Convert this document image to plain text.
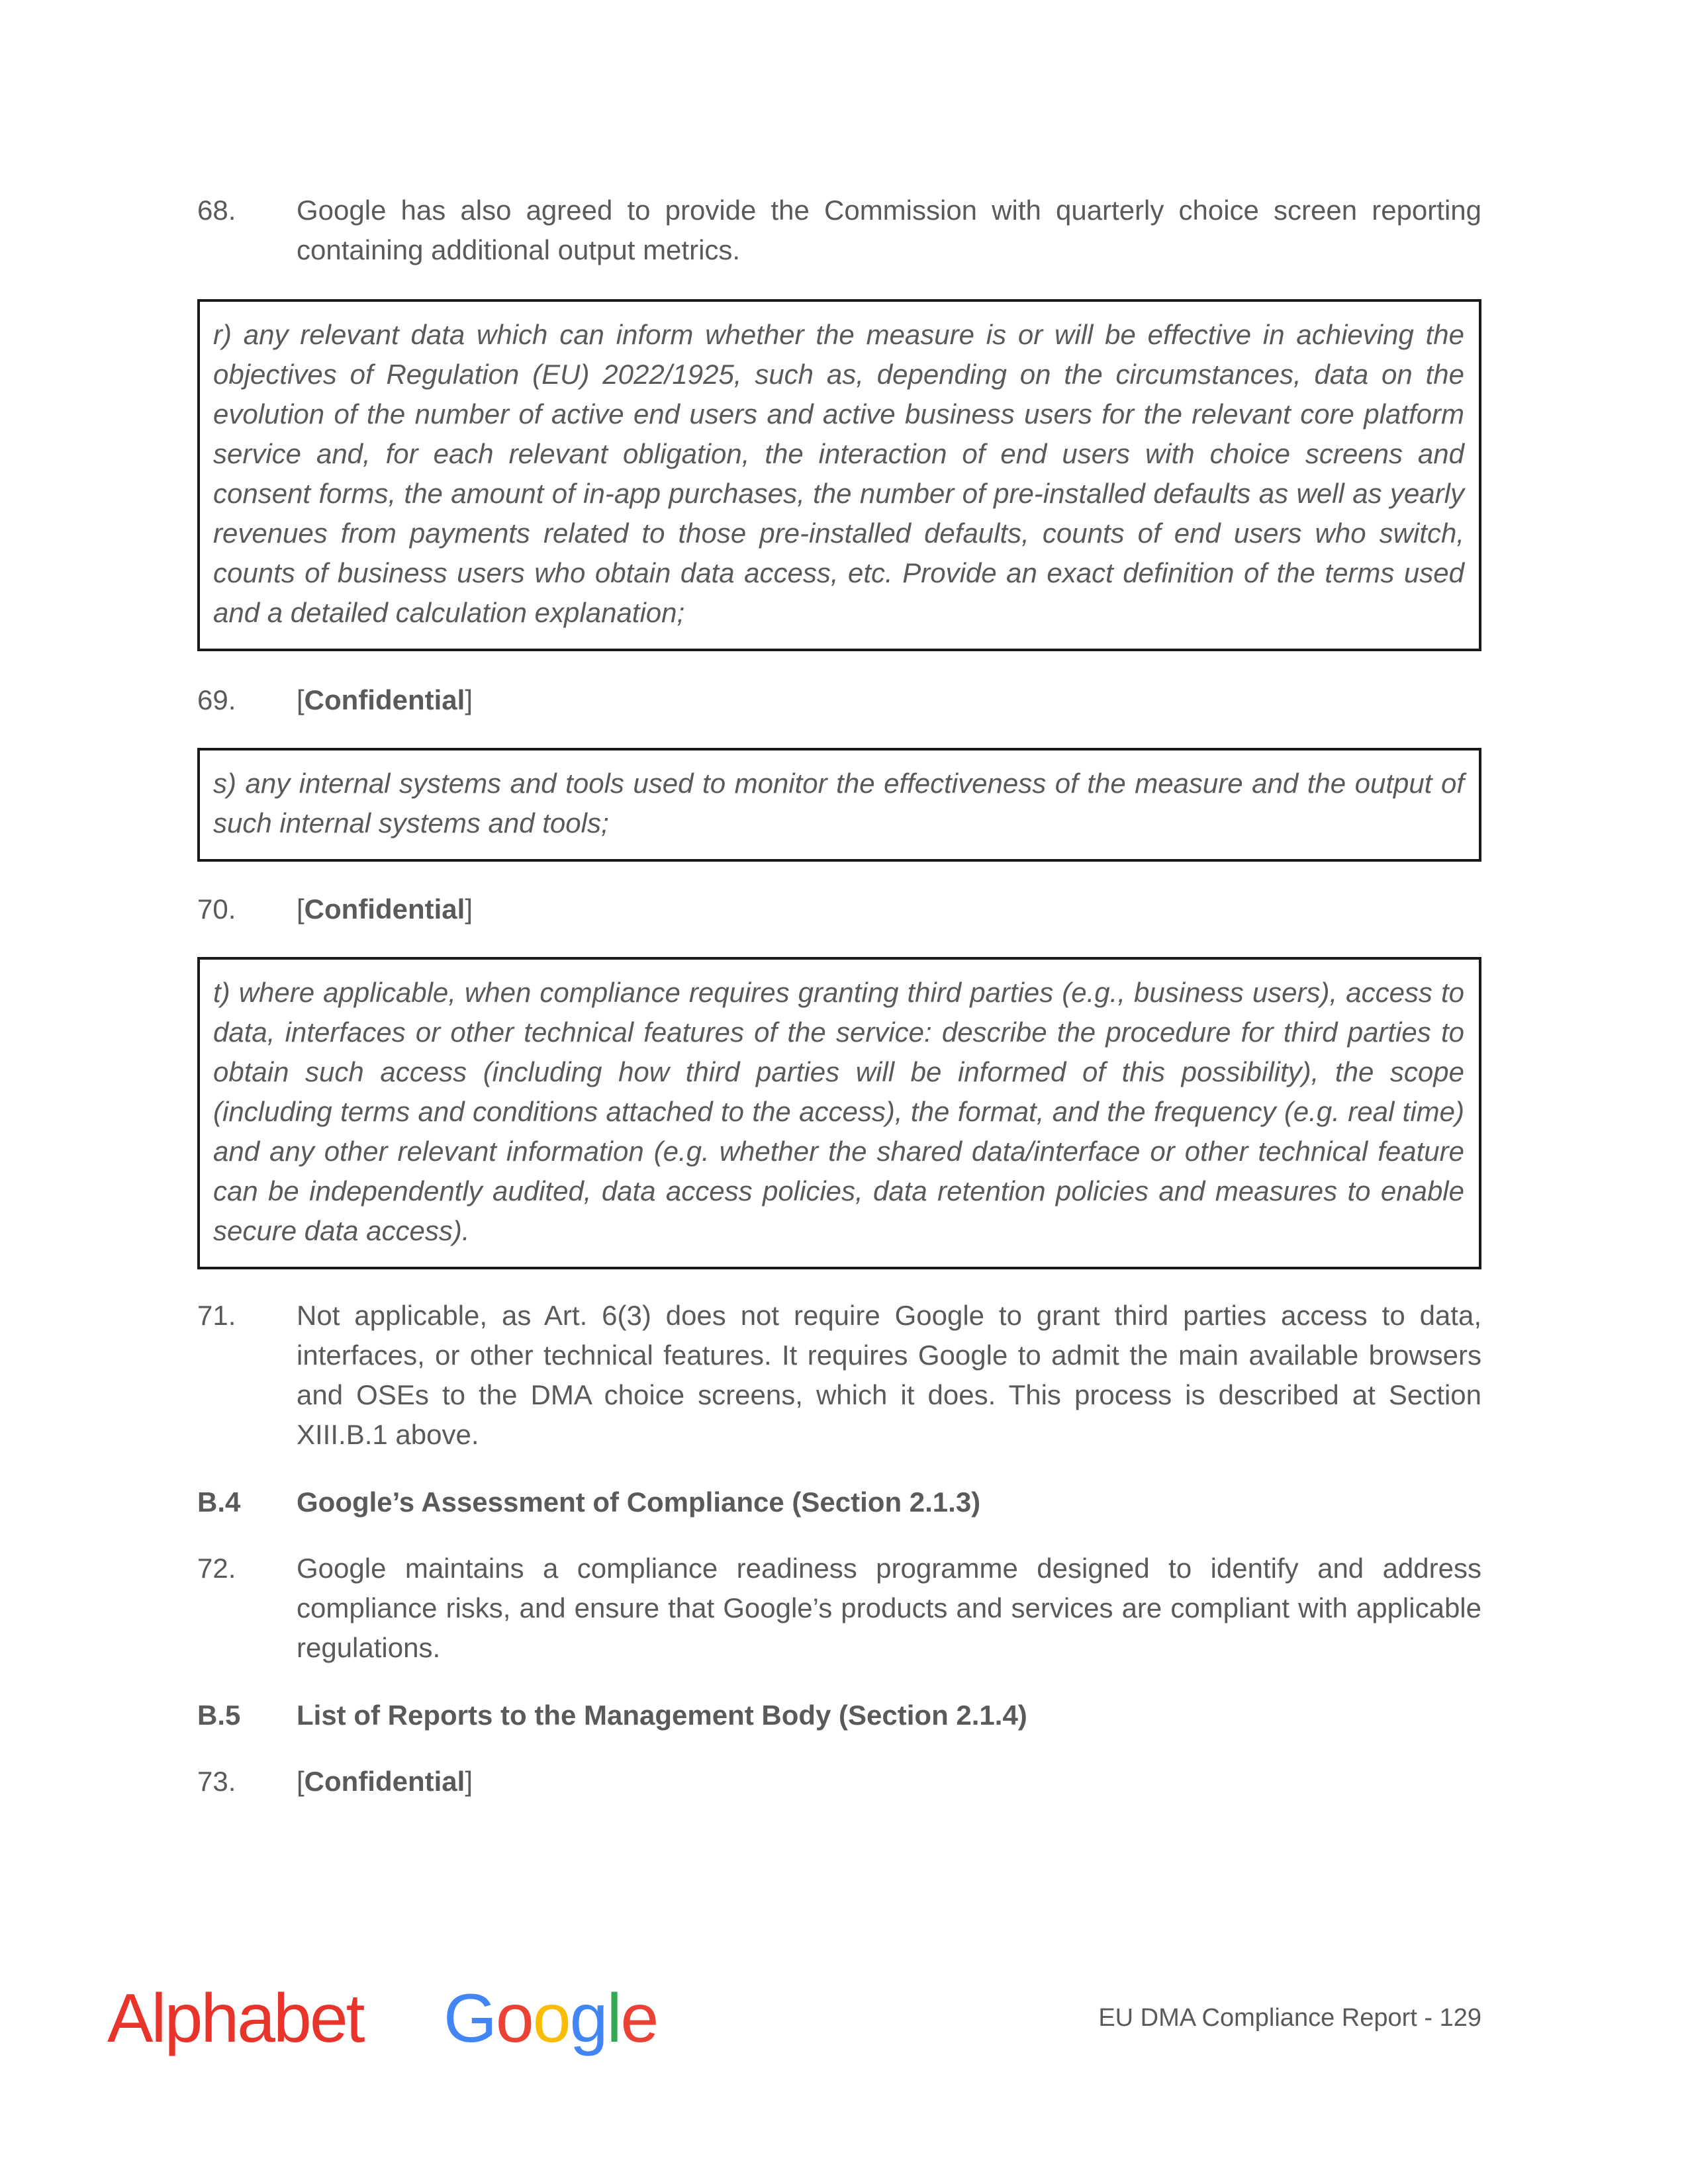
68.	Google has also agreed to provide the Commission with quarterly choice screen reporting containing additional output metrics.
r) any relevant data which can inform whether the measure is or will be effective in achieving the objectives of Regulation (EU) 2022/1925, such as, depending on the circumstances, data on the evolution of the number of active end users and active business users for the relevant core platform service and, for each relevant obligation, the interaction of end users with choice screens and consent forms, the amount of in-app purchases, the number of pre-installed defaults as well as yearly revenues from payments related to those pre-installed defaults, counts of end users who switch, counts of business users who obtain data access, etc. Provide an exact definition of the terms used and a detailed calculation explanation;
69.	[Confidential]
s) any internal systems and tools used to monitor the effectiveness of the measure and the output of such internal systems and tools;
70.	[Confidential]
t) where applicable, when compliance requires granting third parties (e.g., business users), access to data, interfaces or other technical features of the service: describe the procedure for third parties to obtain such access (including how third parties will be informed of this possibility), the scope (including terms and conditions attached to the access), the format, and the frequency (e.g. real time) and any other relevant information (e.g. whether the shared data/interface or other technical feature can be independently audited, data access policies, data retention policies and measures to enable secure data access).
71.	Not applicable, as Art. 6(3) does not require Google to grant third parties access to data, interfaces, or other technical features. It requires Google to admit the main available browsers and OSEs to the DMA choice screens, which it does. This process is described at Section XIII.B.1 above.
B.4	Google’s Assessment of Compliance (Section 2.1.3)
72.	Google maintains a compliance readiness programme designed to identify and address compliance risks, and ensure that Google’s products and services are compliant with applicable regulations.
B.5	List of Reports to the Management Body (Section 2.1.4)
73.	[Confidential]
Alphabet Google	EU DMA Compliance Report - 129
